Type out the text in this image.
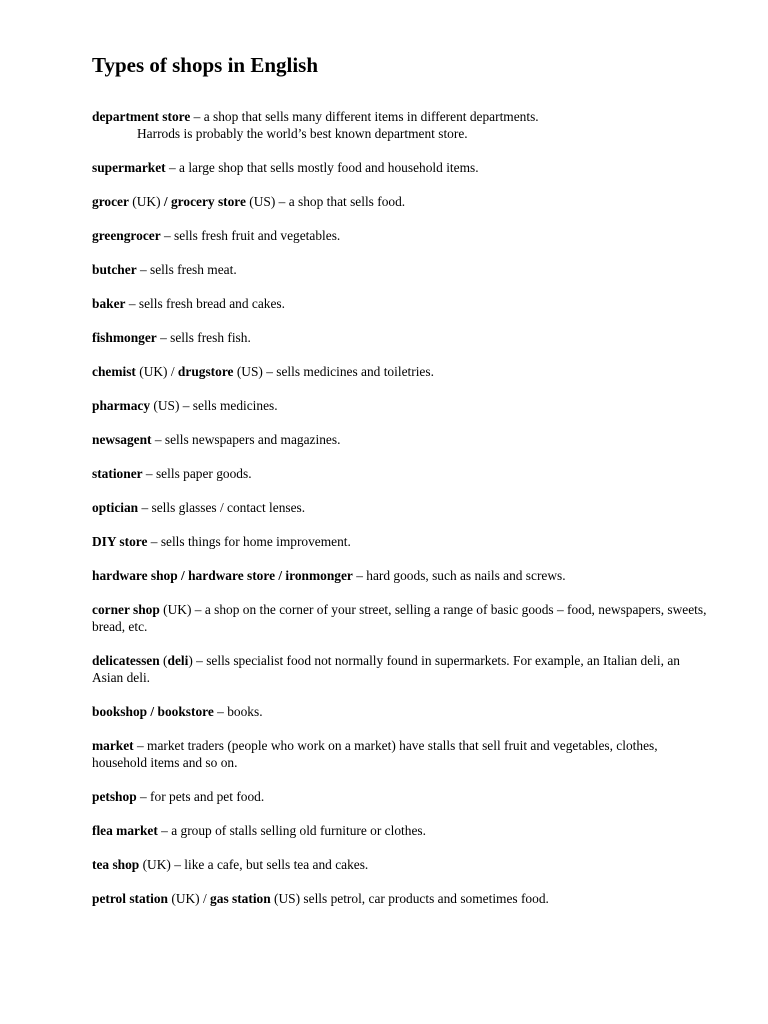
Types of shops in English
department store – a shop that sells many different items in different departments.
Harrods is probably the world’s best known department store.
supermarket – a large shop that sells mostly food and household items.
grocer (UK) / grocery store (US) – a shop that sells food.
greengrocer – sells fresh fruit and vegetables.
butcher – sells fresh meat.
baker – sells fresh bread and cakes.
fishmonger – sells fresh fish.
chemist (UK) / drugstore (US) – sells medicines and toiletries.
pharmacy (US) – sells medicines.
newsagent – sells newspapers and magazines.
stationer – sells paper goods.
optician – sells glasses / contact lenses.
DIY store – sells things for home improvement.
hardware shop / hardware store / ironmonger – hard goods, such as nails and screws.
corner shop (UK) – a shop on the corner of your street, selling a range of basic goods – food, newspapers, sweets, bread, etc.
delicatessen (deli) – sells specialist food not normally found in supermarkets. For example, an Italian deli, an Asian deli.
bookshop / bookstore – books.
market – market traders (people who work on a market) have stalls that sell fruit and vegetables, clothes, household items and so on.
petshop – for pets and pet food.
flea market – a group of stalls selling old furniture or clothes.
tea shop (UK) – like a cafe, but sells tea and cakes.
petrol station (UK) / gas station (US) sells petrol, car products and sometimes food.
